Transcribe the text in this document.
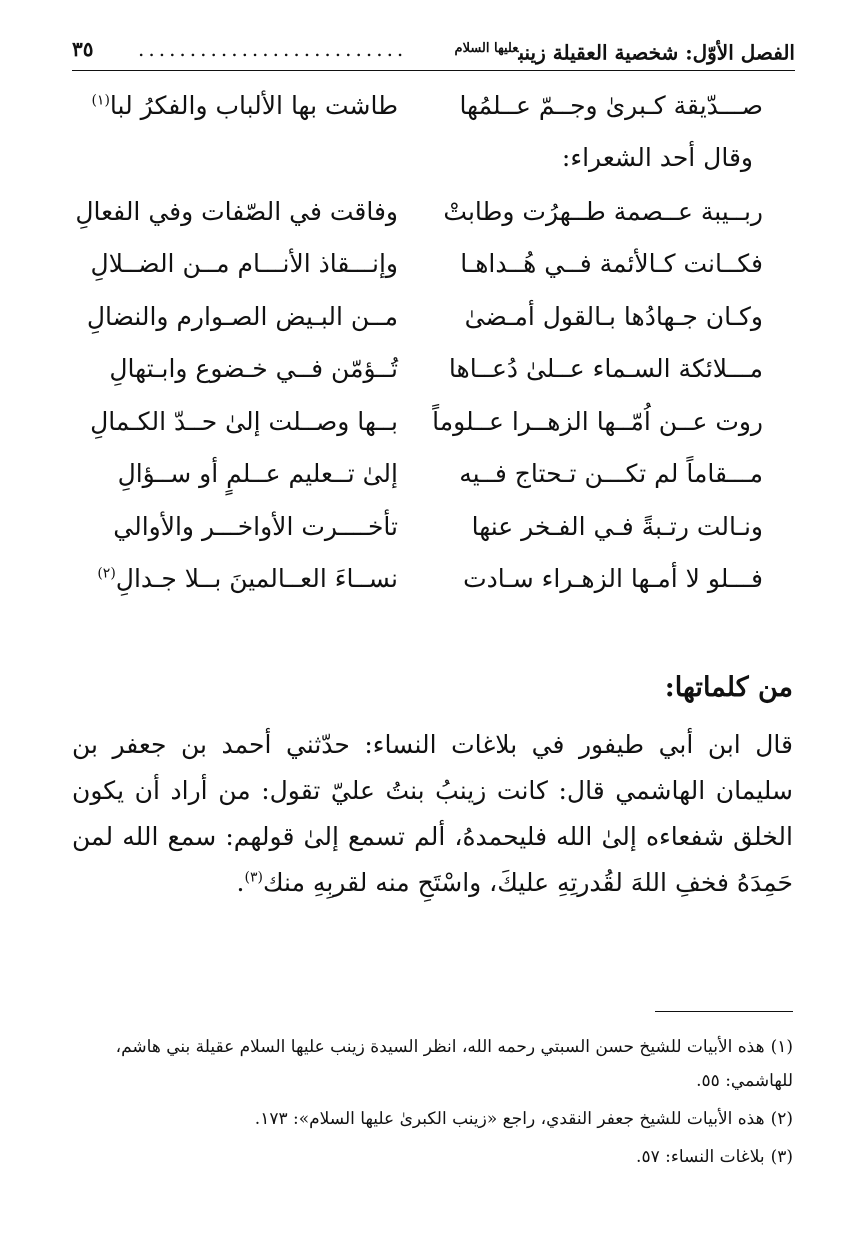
الفصل الأوّل: شخصية العقيلة زينب$^{عليها السلام}$
..........................
٣٥
صـــدّيقة كـبرىٰ وجــمّ عــلمُها
طاشت بها الألباب والفكرُ لبا$^{(١)}$
وقال أحد الشعراء:
ربــيبة عــصمة طــهرُت وطابتْ
وفاقت في الصّفات وفي الفعالِ
فكــانت كـالأئمة فــي هُــداهـا
وإنـــقاذ الأنـــام مــن الضــلالِ
وكـان جـهادُها بـالقول أمـضىٰ
مــن البـيض الصـوارم والنضالِ
مـــلائكة السـماء عــلىٰ دُعــاها
تُــؤمّن فــي خـضوع وابـتهالِ
روت عــن اُمّــها الزهــرا عــلوماً
بــها وصــلت إلىٰ حــدّ الكـمالِ
مـــقاماً لم تكـــن تـحتاج فــيه
إلىٰ تــعليم عــلمٍ أو ســؤالِ
ونـالت رتـبةً فـي الفـخر عنها
تأخــــرت الأواخـــر والأوالي
فـــلو لا أمـها الزهـراء سـادت
نســاءَ العــالمينَ بــلا جـدالِ$^{(٢)}$
من كلماتها:
قال ابن أبي طيفور في بلاغات النساء: حدّثني أحمد بن جعفر بن سليمان الهاشمي قال: كانت زينبُ بنتُ عليّ تقول: من أراد أن يكون الخلق شفعاءه إلىٰ الله فليحمدهُ، ألم تسمع إلىٰ قولهم: سمع الله لمن حَمِدَهُ فخفِ اللهَ لقُدرتِهِ عليكَ، واسْتَحِ منه لقربِهِ منك$^{(٣)}$.
(١)هذه الأبيات للشيخ حسن السبتي رحمه الله، انظر السيدة زينب عليها السلام عقيلة بني هاشم، للهاشمي: ٥٥.
(٢)هذه الأبيات للشيخ جعفر النقدي، راجع «زينب الكبرىٰ عليها السلام»: ١٧٣.
(٣)بلاغات النساء: ٥٧.
